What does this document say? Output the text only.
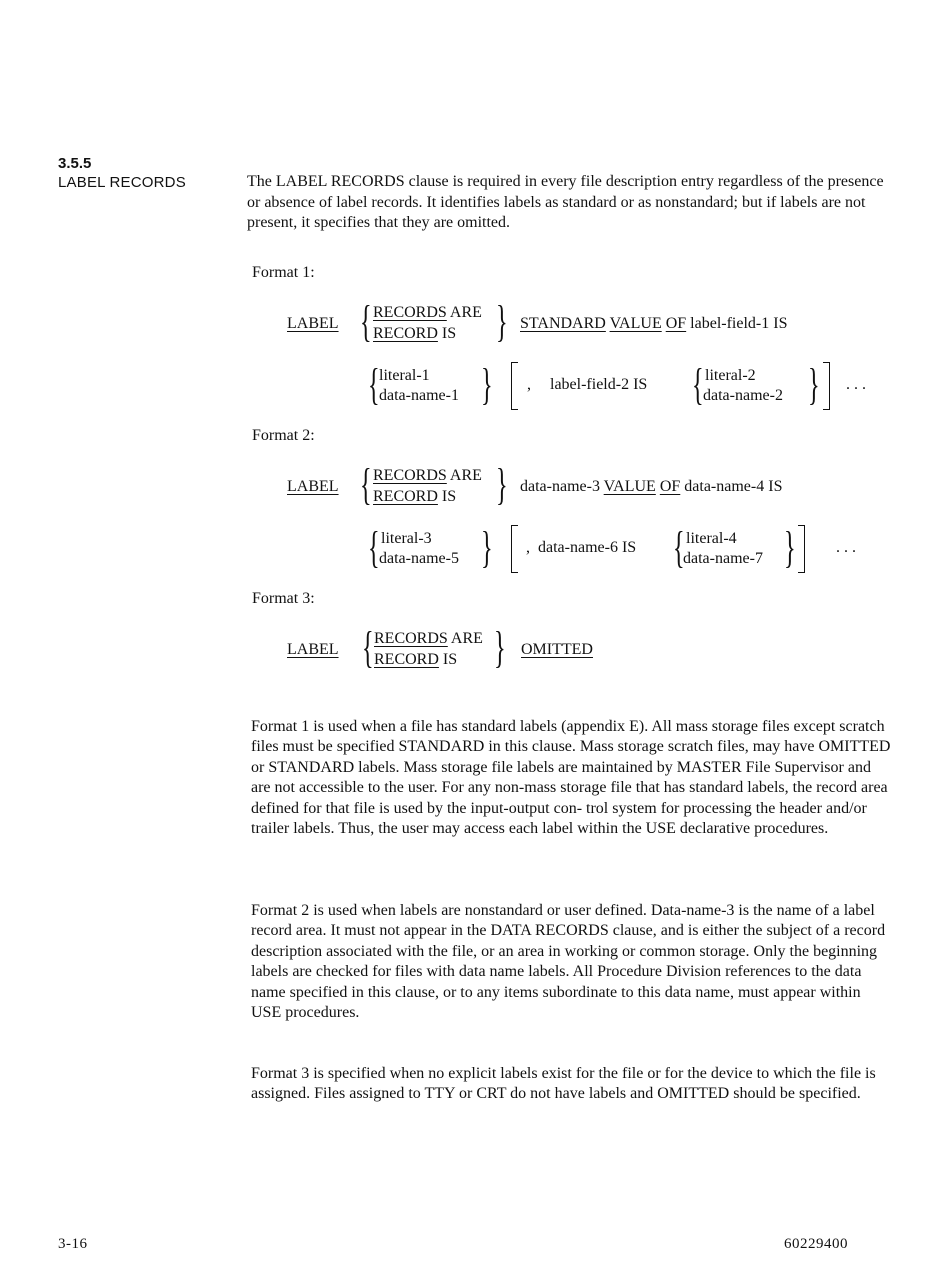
3.5.5
LABEL RECORDS	The LABEL RECORDS clause is required in every file description entry regardless of the presence or absence of label records. It identifies labels as standard or as nonstandard; but if labels are not present, it specifies that they are omitted.

Format 1:
LABEL { RECORDS ARE
RECORD IS } STANDARD VALUE OF label-field-1 IS
{ literal-1
data-name-1 } , label-field-2 IS { literal-2
data-name-2 } . . .
Format 2:
LABEL { RECORDS ARE
RECORD IS } data-name-3 VALUE OF data-name-4 IS
{ literal-3
data-name-5 } , data-name-6 IS { literal-4
data-name-7 }	. . .
Format 3:
LABEL { RECORDS ARE
RECORD IS } OMITTED

Format 1 is used when a file has standard labels (appendix E). All mass storage files except scratch files must be specified STANDARD in this clause. Mass storage scratch files, may have OMITTED or STANDARD labels. Mass storage file labels are maintained by MASTER File Supervisor and are not accessible to the user. For any non-mass storage file that has standard labels, the record area defined for that file is used by the input-output con- trol system for processing the header and/or trailer labels. Thus, the user may access each label within the USE declarative procedures.

Format 2 is used when labels are nonstandard or user defined. Data-name-3 is the name of a label record area. It must not appear in the DATA RECORDS clause, and is either the subject of a record description associated with the file, or an area in working or common storage. Only the beginning labels are checked for files with data name labels. All Procedure Division references to the data name specified in this clause, or to any items subordinate to this data name, must appear within USE procedures.

Format 3 is specified when no explicit labels exist for the file or for the device to which the file is assigned. Files assigned to TTY or CRT do not have labels and OMITTED should be specified.

3-16	60229400
